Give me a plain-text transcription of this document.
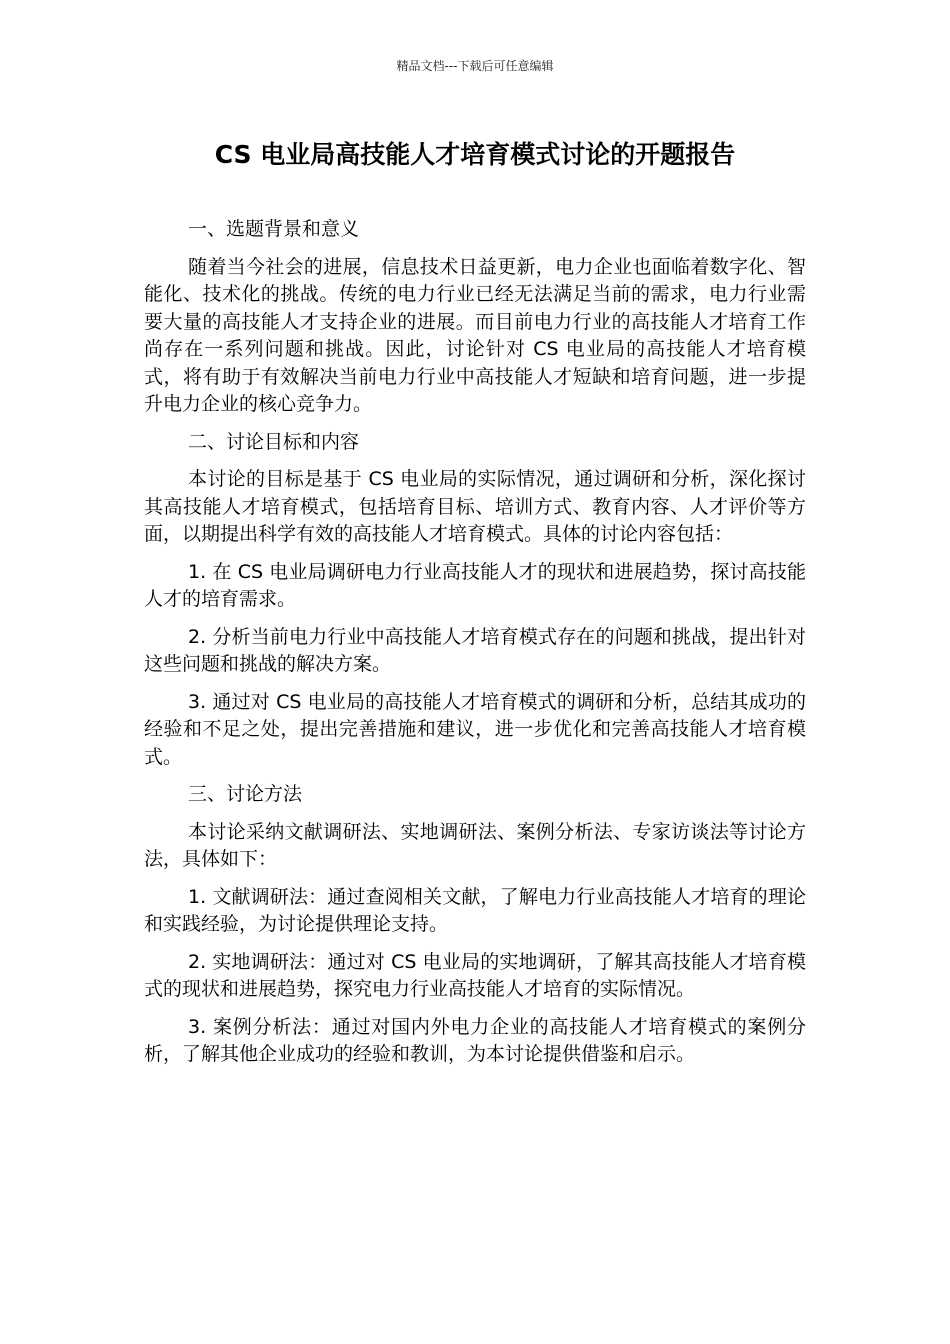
精品文档---下载后可任意编辑
CS 电业局高技能人才培育模式讨论的开题报告

一、选题背景和意义

随着当今社会的进展，信息技术日益更新，电力企业也面临着数字化、智能化、技术化的挑战。传统的电力行业已经无法满足当前的需求，电力行业需要大量的高技能人才支持企业的进展。而目前电力行业的高技能人才培育工作尚存在一系列问题和挑战。因此，讨论针对 CS 电业局的高技能人才培育模式，将有助于有效解决当前电力行业中高技能人才短缺和培育问题，进一步提升电力企业的核心竞争力。

二、讨论目标和内容

本讨论的目标是基于 CS 电业局的实际情况，通过调研和分析，深化探讨其高技能人才培育模式，包括培育目标、培训方式、教育内容、人才评价等方面，以期提出科学有效的高技能人才培育模式。具体的讨论内容包括：

1. 在 CS 电业局调研电力行业高技能人才的现状和进展趋势，探讨高技能人才的培育需求。

2. 分析当前电力行业中高技能人才培育模式存在的问题和挑战，提出针对这些问题和挑战的解决方案。

3. 通过对 CS 电业局的高技能人才培育模式的调研和分析，总结其成功的经验和不足之处，提出完善措施和建议，进一步优化和完善高技能人才培育模式。

三、讨论方法

本讨论采纳文献调研法、实地调研法、案例分析法、专家访谈法等讨论方法，具体如下：

1. 文献调研法：通过查阅相关文献，了解电力行业高技能人才培育的理论和实践经验，为讨论提供理论支持。

2. 实地调研法：通过对 CS 电业局的实地调研，了解其高技能人才培育模式的现状和进展趋势，探究电力行业高技能人才培育的实际情况。

3. 案例分析法：通过对国内外电力企业的高技能人才培育模式的案例分析，了解其他企业成功的经验和教训，为本讨论提供借鉴和启示。
